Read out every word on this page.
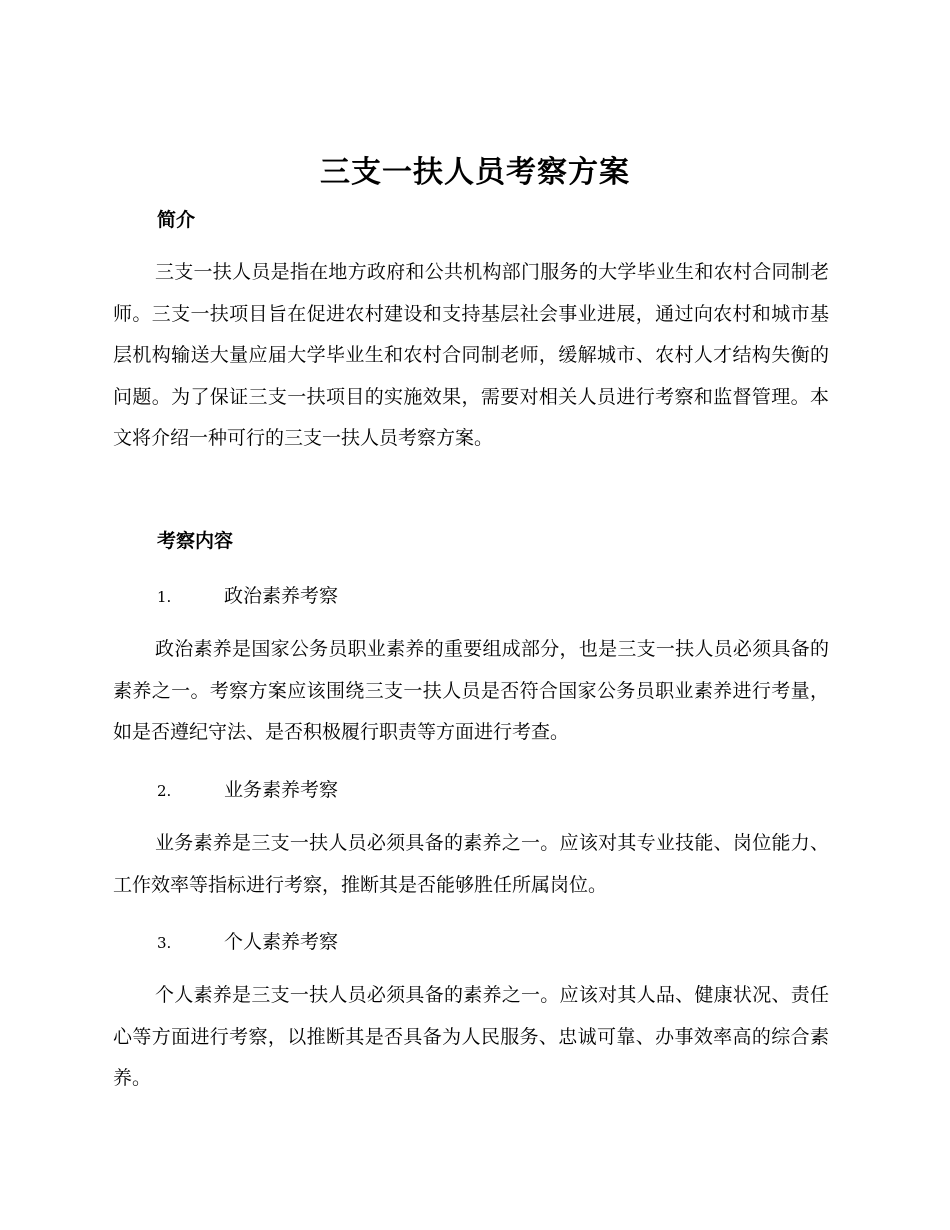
三支一扶人员考察方案
简介

三支一扶人员是指在地方政府和公共机构部门服务的大学毕业生和农村合同制老师。三支一扶项目旨在促进农村建设和支持基层社会事业进展，通过向农村和城市基层机构输送大量应届大学毕业生和农村合同制老师，缓解城市、农村人才结构失衡的问题。为了保证三支一扶项目的实施效果，需要对相关人员进行考察和监督管理。本文将介绍一种可行的三支一扶人员考察方案。

考察内容
1.	政治素养考察

政治素养是国家公务员职业素养的重要组成部分，也是三支一扶人员必须具备的素养之一。考察方案应该围绕三支一扶人员是否符合国家公务员职业素养进行考量，如是否遵纪守法、是否积极履行职责等方面进行考查。

2.	业务素养考察

业务素养是三支一扶人员必须具备的素养之一。应该对其专业技能、岗位能力、工作效率等指标进行考察，推断其是否能够胜任所属岗位。

3.	个人素养考察

个人素养是三支一扶人员必须具备的素养之一。应该对其人品、健康状况、责任心等方面进行考察，以推断其是否具备为人民服务、忠诚可靠、办事效率高的综合素养。
